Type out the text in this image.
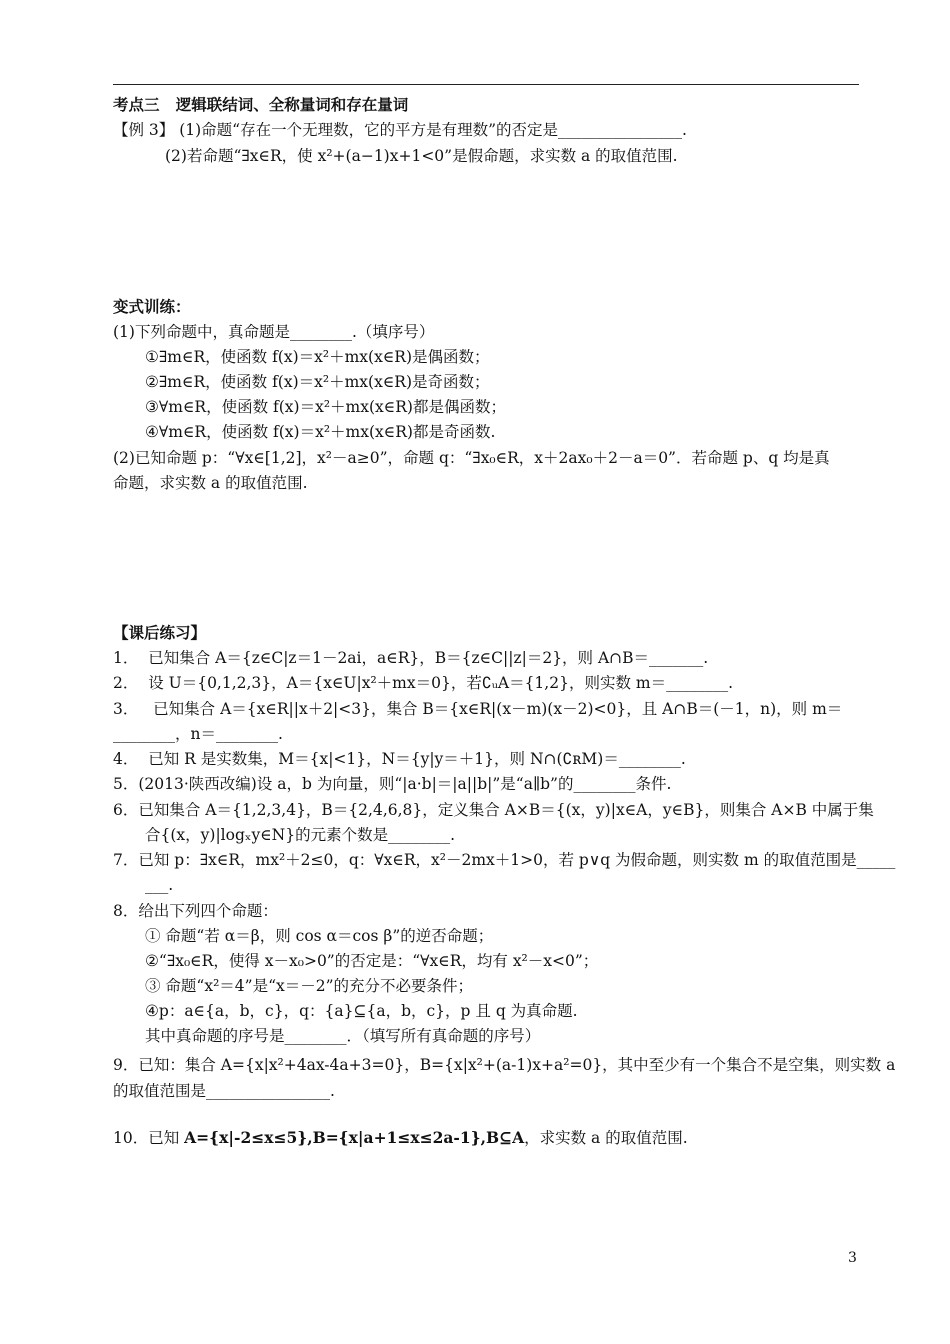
考点三   逻辑联结词、全称量词和存在量词
【例 3】 (1)命题“存在一个无理数，它的平方是有理数”的否定是________________.
(2)若命题“∃x∈R，使 x²+(a−1)x+1<0”是假命题，求实数 a 的取值范围.
变式训练：
(1)下列命题中，真命题是________.（填序号）
①∃m∈R，使函数 f(x)＝x²＋mx(x∈R)是偶函数；
②∃m∈R，使函数 f(x)＝x²＋mx(x∈R)是奇函数；
③∀m∈R，使函数 f(x)＝x²＋mx(x∈R)都是偶函数；
④∀m∈R，使函数 f(x)＝x²＋mx(x∈R)都是奇函数.
(2)已知命题 p：“∀x∈[1,2]，x²－a≥0”，命题 q：“∃x₀∈R，x＋2ax₀＋2－a＝0”．若命题 p、q 均是真
命题，求实数 a 的取值范围.
【课后练习】
1．  已知集合 A＝{z∈C|z＝1－2ai，a∈R}，B＝{z∈C||z|＝2}，则 A∩B＝_______.
2．  设 U＝{0,1,2,3}，A＝{x∈U|x²＋mx＝0}，若∁ᵤA＝{1,2}，则实数 m＝________.
3．   已知集合 A＝{x∈R||x＋2|<3}，集合 B＝{x∈R|(x－m)(x－2)<0}，且 A∩B＝(－1，n)，则 m＝
________，n＝________.
4．  已知 R 是实数集，M＝{x|<1}，N＝{y|y＝＋1}，则 N∩(∁ʀM)＝________.
5．(2013·陕西改编)设 a，b 为向量，则“|a·b|＝|a||b|”是“a∥b”的________条件.
6．已知集合 A＝{1,2,3,4}，B＝{2,4,6,8}，定义集合 A×B＝{(x，y)|x∈A，y∈B}，则集合 A×B 中属于集
合{(x，y)|logₓy∈N}的元素个数是________.
7．已知 p：∃x∈R，mx²＋2≤0，q：∀x∈R，x²－2mx＋1>0，若 p∨q 为假命题，则实数 m 的取值范围是_____
___.
8．给出下列四个命题：
① 命题“若 α＝β，则 cos α＝cos β”的逆否命题；
②“∃x₀∈R，使得 x－x₀>0”的否定是：“∀x∈R，均有 x²－x<0”；
③ 命题“x²＝4”是“x＝－2”的充分不必要条件；
④p：a∈{a，b，c}，q：{a}⊆{a，b，c}，p 且 q 为真命题.
其中真命题的序号是________．（填写所有真命题的序号）
9．已知：集合 A={x|x²+4ax-4a+3=0}，B={x|x²+(a-1)x+a²=0}，其中至少有一个集合不是空集，则实数 a
的取值范围是________________.
10．已知 A={x|-2≤x≤5},B={x|a+1≤x≤2a-1},B⊆A，求实数 a 的取值范围.
3
